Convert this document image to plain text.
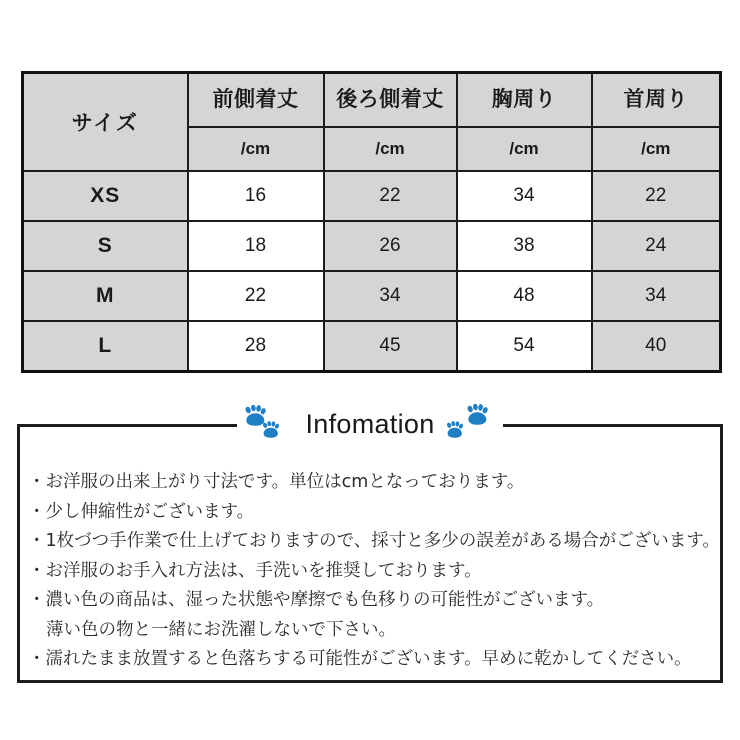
サイズ	前側着丈	後ろ側着丈	胸周り	首周り
	/cm	/cm	/cm	/cm
XS	16	22	34	22
S	18	26	38	24
M	22	34	48	34
L	28	45	54	40
Infomation
・お洋服の出来上がり寸法です。単位はcmとなっております。
・少し伸縮性がございます。
・1枚づつ手作業で仕上げておりますので、採寸と多少の誤差がある場合がございます。
・お洋服のお手入れ方法は、手洗いを推奨しております。
・濃い色の商品は、湿った状態や摩擦でも色移りの可能性がございます。
薄い色の物と一緒にお洗濯しないで下さい。
・濡れたまま放置すると色落ちする可能性がございます。早めに乾かしてください。
